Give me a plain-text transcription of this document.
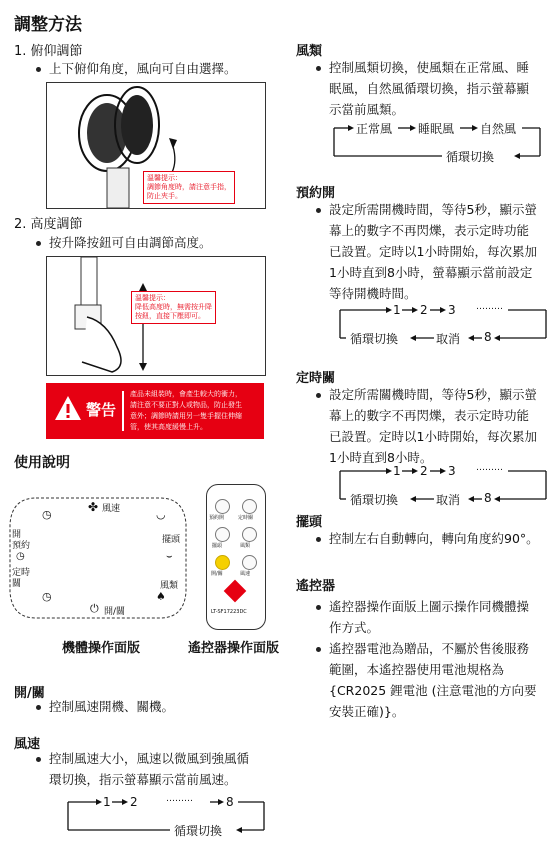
調整方法
1. 俯仰調節
上下俯仰角度，風向可自由選擇。
溫馨提示：
調節角度時，請注意手指，
防止夾手。
2. 高度調節
按升降按鈕可自由調節高度。
溫馨提示：
降低高度時，無需按升降
按鈕，直接下壓即可。
警告
產品未組裝時，會產生較大的衝力，
請注意不要正對人或物品，防止發生
意外；調節時請用另一隻手握住伸縮
管，使其高度緩慢上升。
使用說明
✤ 風速
◷	◡
開
預約
擺頭
◷	⌣
定時
關	風類
◷	♠
⏻ 開/關
機體操作面版
預約開	定時關
擺頭	風類
開/關	風速
LT-SF17223DC
遙控器操作面版
開/關
控制風速開機、關機。
風速
控制風速大小，風速以微風到強風循
環切換，指示螢幕顯示當前風速。
1 2	………	8
循環切換
風類
控制風類切換，使風類在正常風、睡
眠風，自然風循環切換，指示螢幕顯
示當前風類。
正常風 睡眠風 自然風
循環切換
預約開
設定所需開機時間，等待5秒，顯示螢
幕上的數字不再閃爍，表示定時功能
已設置。定時以1小時開始，每次累加
1小時直到8小時，螢幕顯示當前設定
等待開機時間。
1 2 3 ………
循環切換	取消 8
定時關
設定所需關機時間，等待5秒，顯示螢
幕上的數字不再閃爍，表示定時功能
已設置。定時以1小時開始，每次累加
1小時直到8小時。
1 2 3 ………
循環切換	取消 8
擺頭
控制左右自動轉向，轉向角度約90°。
遙控器
遙控器操作面版上圖示操作同機體操
作方式。
遙控器電池為贈品，不屬於售後服務
範圍，本遙控器使用電池規格為
{CR2025 鋰電池 (注意電池的方向要
安裝正確)}。
